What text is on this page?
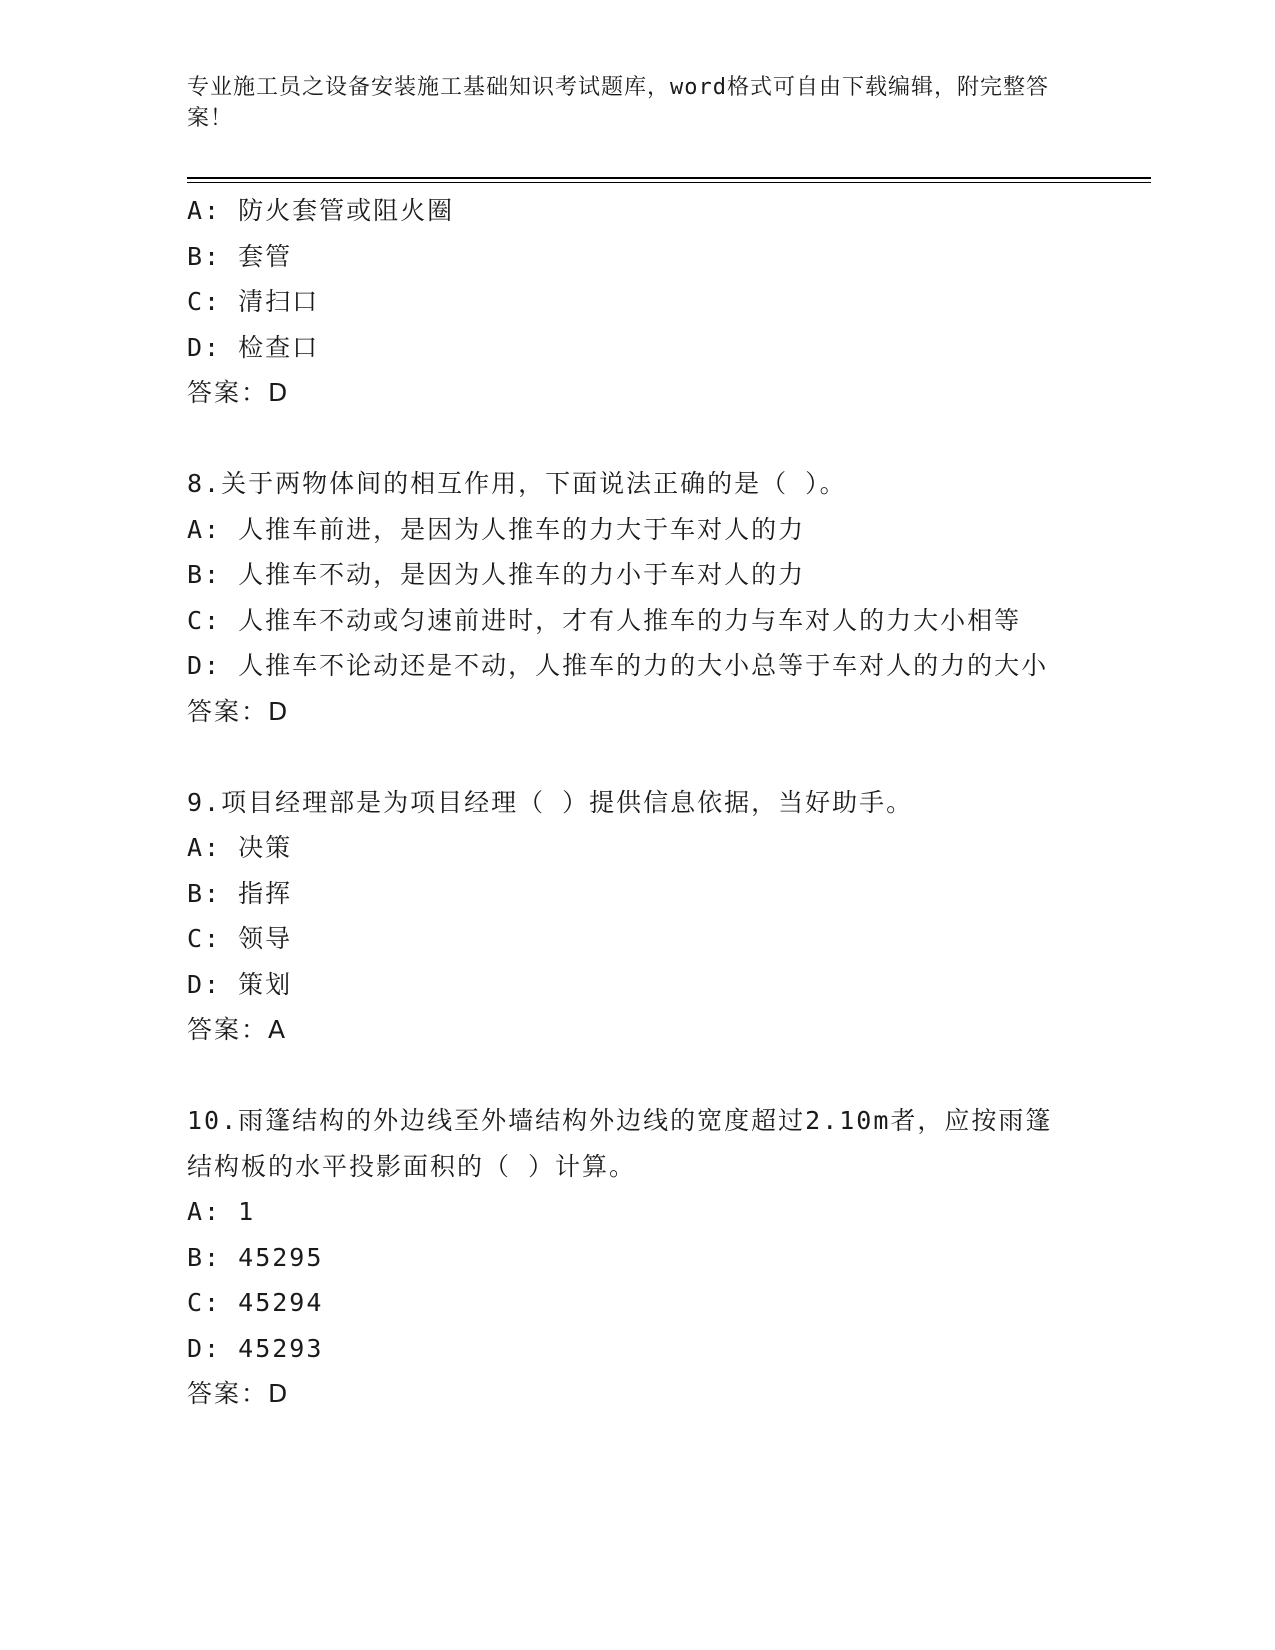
专业施工员之设备安装施工基础知识考试题库，word格式可自由下载编辑，附完整答案！
A: 防火套管或阻火圈
B: 套管
C: 清扫口
D: 检查口
答案：D
8.关于两物体间的相互作用，下面说法正确的是（ ）。
A: 人推车前进，是因为人推车的力大于车对人的力
B: 人推车不动，是因为人推车的力小于车对人的力
C: 人推车不动或匀速前进时，才有人推车的力与车对人的力大小相等
D: 人推车不论动还是不动，人推车的力的大小总等于车对人的力的大小
答案：D
9.项目经理部是为项目经理（ ）提供信息依据，当好助手。
A: 决策
B: 指挥
C: 领导
D: 策划
答案：A
10.雨篷结构的外边线至外墙结构外边线的宽度超过2.10m者，应按雨篷结构板的水平投影面积的（ ）计算。
A: 1
B: 45295
C: 45294
D: 45293
答案：D
